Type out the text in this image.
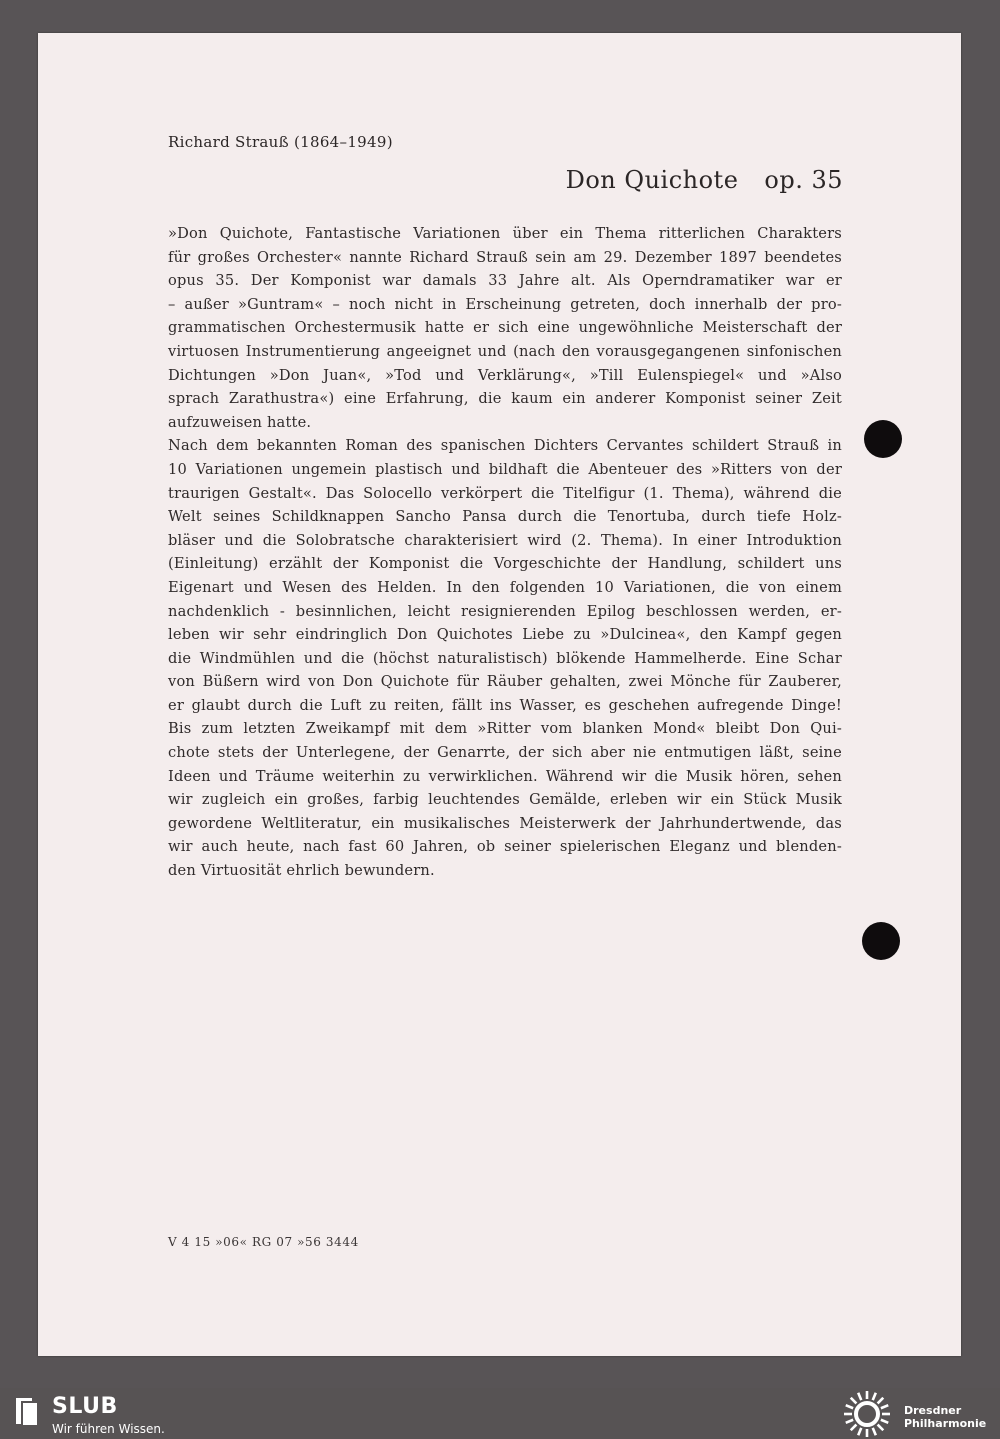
Richard Strauß (1864–1949)
Don Quichote op. 35
»Don Quichote, Fantastische Variationen über ein Thema ritterlichen Charakters
für großes Orchester« nannte Richard Strauß sein am 29. Dezember 1897 beendetes
opus 35. Der Komponist war damals 33 Jahre alt. Als Operndramatiker war er
– außer »Guntram« – noch nicht in Erscheinung getreten, doch innerhalb der pro-
grammatischen Orchestermusik hatte er sich eine ungewöhnliche Meisterschaft der
virtuosen Instrumentierung angeeignet und (nach den vorausgegangenen sinfonischen
Dichtungen »Don Juan«, »Tod und Verklärung«, »Till Eulenspiegel« und »Also
sprach Zarathustra«) eine Erfahrung, die kaum ein anderer Komponist seiner Zeit
aufzuweisen hatte.
Nach dem bekannten Roman des spanischen Dichters Cervantes schildert Strauß in
10 Variationen ungemein plastisch und bildhaft die Abenteuer des »Ritters von der
traurigen Gestalt«. Das Solocello verkörpert die Titelfigur (1. Thema), während die
Welt seines Schildknappen Sancho Pansa durch die Tenortuba, durch tiefe Holz-
bläser und die Solobratsche charakterisiert wird (2. Thema). In einer Introduktion
(Einleitung) erzählt der Komponist die Vorgeschichte der Handlung, schildert uns
Eigenart und Wesen des Helden. In den folgenden 10 Variationen, die von einem
nachdenklich - besinnlichen, leicht resignierenden Epilog beschlossen werden, er-
leben wir sehr eindringlich Don Quichotes Liebe zu »Dulcinea«, den Kampf gegen
die Windmühlen und die (höchst naturalistisch) blökende Hammelherde. Eine Schar
von Büßern wird von Don Quichote für Räuber gehalten, zwei Mönche für Zauberer,
er glaubt durch die Luft zu reiten, fällt ins Wasser, es geschehen aufregende Dinge!
Bis zum letzten Zweikampf mit dem »Ritter vom blanken Mond« bleibt Don Qui-
chote stets der Unterlegene, der Genarrte, der sich aber nie entmutigen läßt, seine
Ideen und Träume weiterhin zu verwirklichen. Während wir die Musik hören, sehen
wir zugleich ein großes, farbig leuchtendes Gemälde, erleben wir ein Stück Musik
gewordene Weltliteratur, ein musikalisches Meisterwerk der Jahrhundertwende, das
wir auch heute, nach fast 60 Jahren, ob seiner spielerischen Eleganz und blenden-
den Virtuosität ehrlich bewundern.
V 4 15 »06« RG 07 »56 3444
SLUB
Wir führen Wissen.
Dresdner
Philharmonie
